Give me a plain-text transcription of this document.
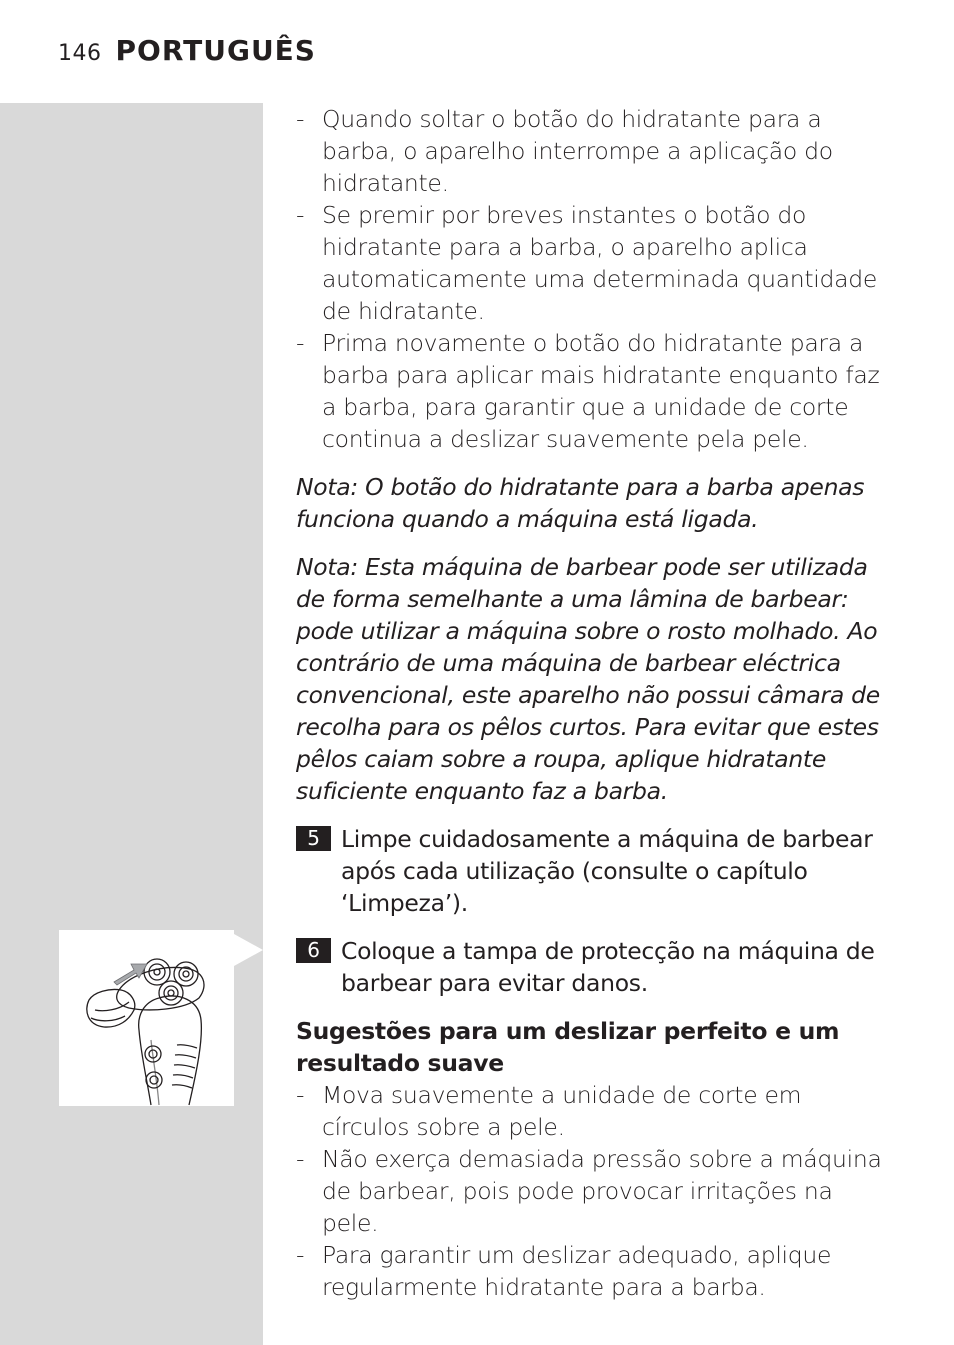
146 PORTUGUÊS
- Quando soltar o botão do hidratante para a barba, o aparelho interrompe a aplicação do hidratante.
- Se premir por breves instantes o botão do hidratante para a barba, o aparelho aplica automaticamente uma determinada quantidade de hidratante.
- Prima novamente o botão do hidratante para a barba para aplicar mais hidratante enquanto faz a barba, para garantir que a unidade de corte continua a deslizar suavemente pela pele.

Nota: O botão do hidratante para a barba apenas funciona quando a máquina está ligada.

Nota: Esta máquina de barbear pode ser utilizada de forma semelhante a uma lâmina de barbear: pode utilizar a máquina sobre o rosto molhado. Ao contrário de uma máquina de barbear eléctrica convencional, este aparelho não possui câmara de recolha para os pêlos curtos. Para evitar que estes pêlos caiam sobre a roupa, aplique hidratante suficiente enquanto faz a barba.

5 Limpe cuidadosamente a máquina de barbear após cada utilização (consulte o capítulo ‘Limpeza’).
6 Coloque a tampa de protecção na máquina de barbear para evitar danos.
Sugestões para um deslizar perfeito e um resultado suave
- Mova suavemente a unidade de corte em círculos sobre a pele.
- Não exerça demasiada pressão sobre a máquina de barbear, pois pode provocar irritações na pele.
- Para garantir um deslizar adequado, aplique regularmente hidratante para a barba.
